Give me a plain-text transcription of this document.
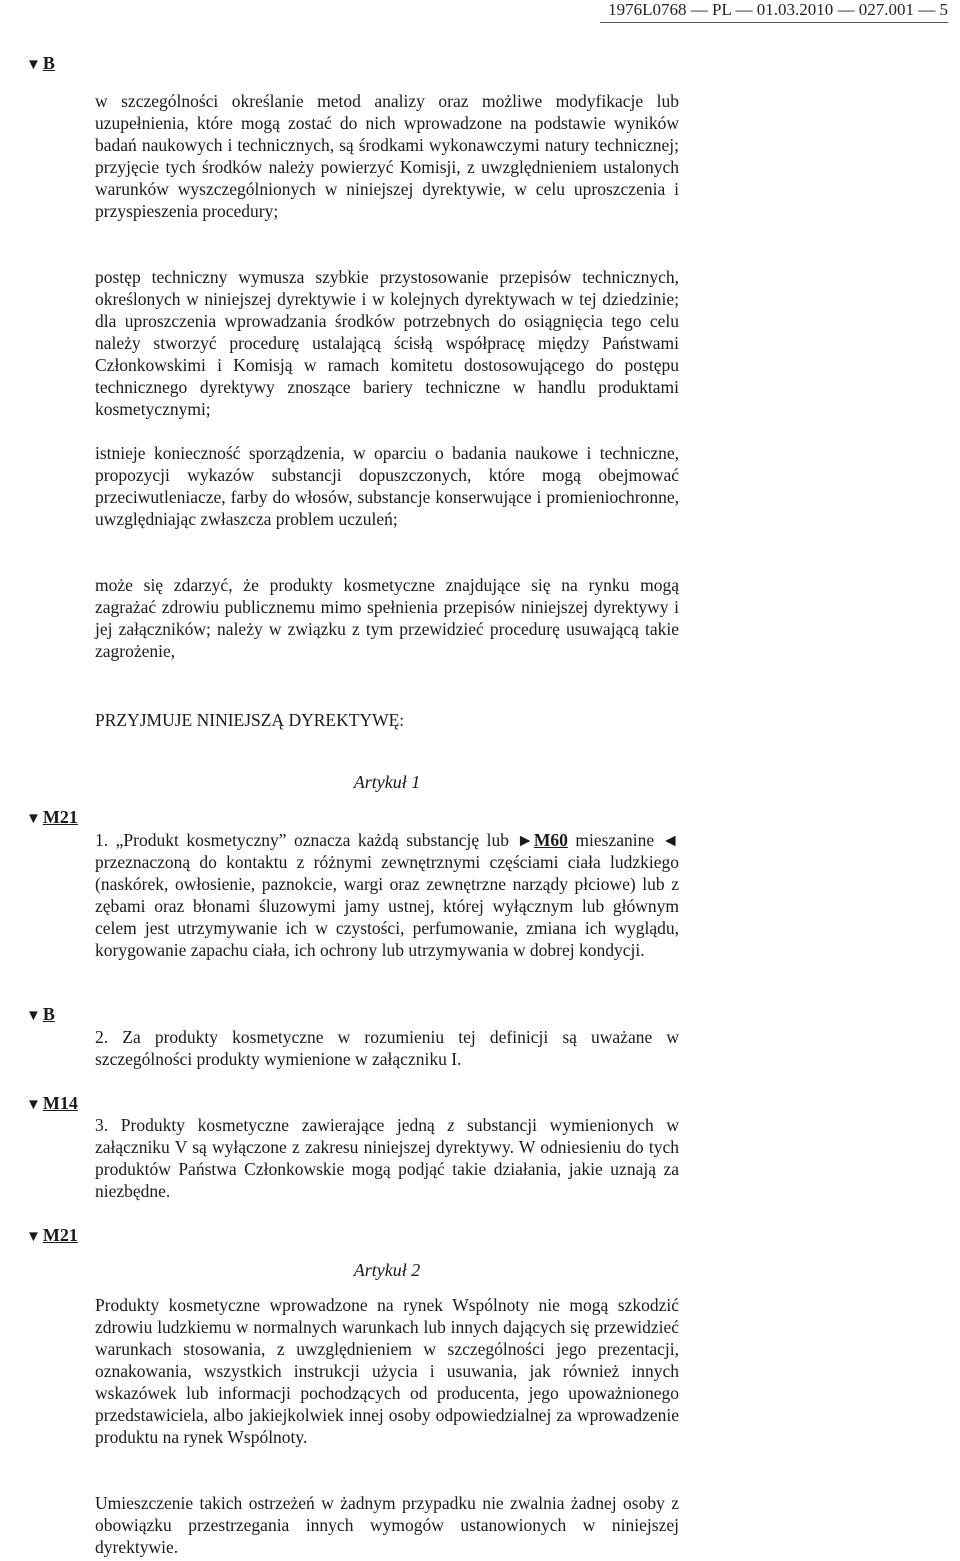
1976L0768 — PL — 01.03.2010 — 027.001 — 5
▼ B

w szczególności określanie metod analizy oraz możliwe modyfikacje lub uzupełnienia, które mogą zostać do nich wprowadzone na podstawie wyników badań naukowych i technicznych, są środkami wykonawczymi natury technicznej; przyjęcie tych środków należy powierzyć Komisji, z uwzględnieniem ustalonych warunków wyszczególnionych w niniejszej dyrektywie, w celu uproszczenia i przyspieszenia procedury;

postęp techniczny wymusza szybkie przystosowanie przepisów technicznych, określonych w niniejszej dyrektywie i w kolejnych dyrektywach w tej dziedzinie; dla uproszczenia wprowadzania środków potrzebnych do osiągnięcia tego celu należy stworzyć procedurę ustalającą ścisłą współpracę między Państwami Członkowskimi i Komisją w ramach komitetu dostosowującego do postępu technicznego dyrektywy znoszące bariery techniczne w handlu produktami kosmetycznymi;

istnieje konieczność sporządzenia, w oparciu o badania naukowe i techniczne, propozycji wykazów substancji dopuszczonych, które mogą obejmować przeciwutleniacze, farby do włosów, substancje konserwujące i promieniochronne, uwzględniając zwłaszcza problem uczuleń;

może się zdarzyć, że produkty kosmetyczne znajdujące się na rynku mogą zagrażać zdrowiu publicznemu mimo spełnienia przepisów niniejszej dyrektywy i jej załączników; należy w związku z tym przewidzieć procedurę usuwającą takie zagrożenie,

PRZYJMUJE NINIEJSZĄ DYREKTYWĘ:
Artykuł 1
▼ M21

1. „Produkt kosmetyczny” oznacza każdą substancję lub ►M60 mieszanine ◄ przeznaczoną do kontaktu z różnymi zewnętrznymi częściami ciała ludzkiego (naskórek, owłosienie, paznokcie, wargi oraz zewnętrzne narządy płciowe) lub z zębami oraz błonami śluzowymi jamy ustnej, której wyłącznym lub głównym celem jest utrzymywanie ich w czystości, perfumowanie, zmiana ich wyglądu, korygowanie zapachu ciała, ich ochrony lub utrzymywania w dobrej kondycji.

▼ B

2. Za produkty kosmetyczne w rozumieniu tej definicji są uważane w szczególności produkty wymienione w załączniku I.

▼ M14

3. Produkty kosmetyczne zawierające jedną z substancji wymienionych w załączniku V są wyłączone z zakresu niniejszej dyrektywy. W odniesieniu do tych produktów Państwa Członkowskie mogą podjąć takie działania, jakie uznają za niezbędne.

▼ M21
Artykuł 2

Produkty kosmetyczne wprowadzone na rynek Wspólnoty nie mogą szkodzić zdrowiu ludzkiemu w normalnych warunkach lub innych dających się przewidzieć warunkach stosowania, z uwzględnieniem w szczególności jego prezentacji, oznakowania, wszystkich instrukcji użycia i usuwania, jak również innych wskazówek lub informacji pochodzących od producenta, jego upoważnionego przedstawiciela, albo jakiejkolwiek innej osoby odpowiedzialnej za wprowadzenie produktu na rynek Wspólnoty.

Umieszczenie takich ostrzeżeń w żadnym przypadku nie zwalnia żadnej osoby z obowiązku przestrzegania innych wymogów ustanowionych w niniejszej dyrektywie.
